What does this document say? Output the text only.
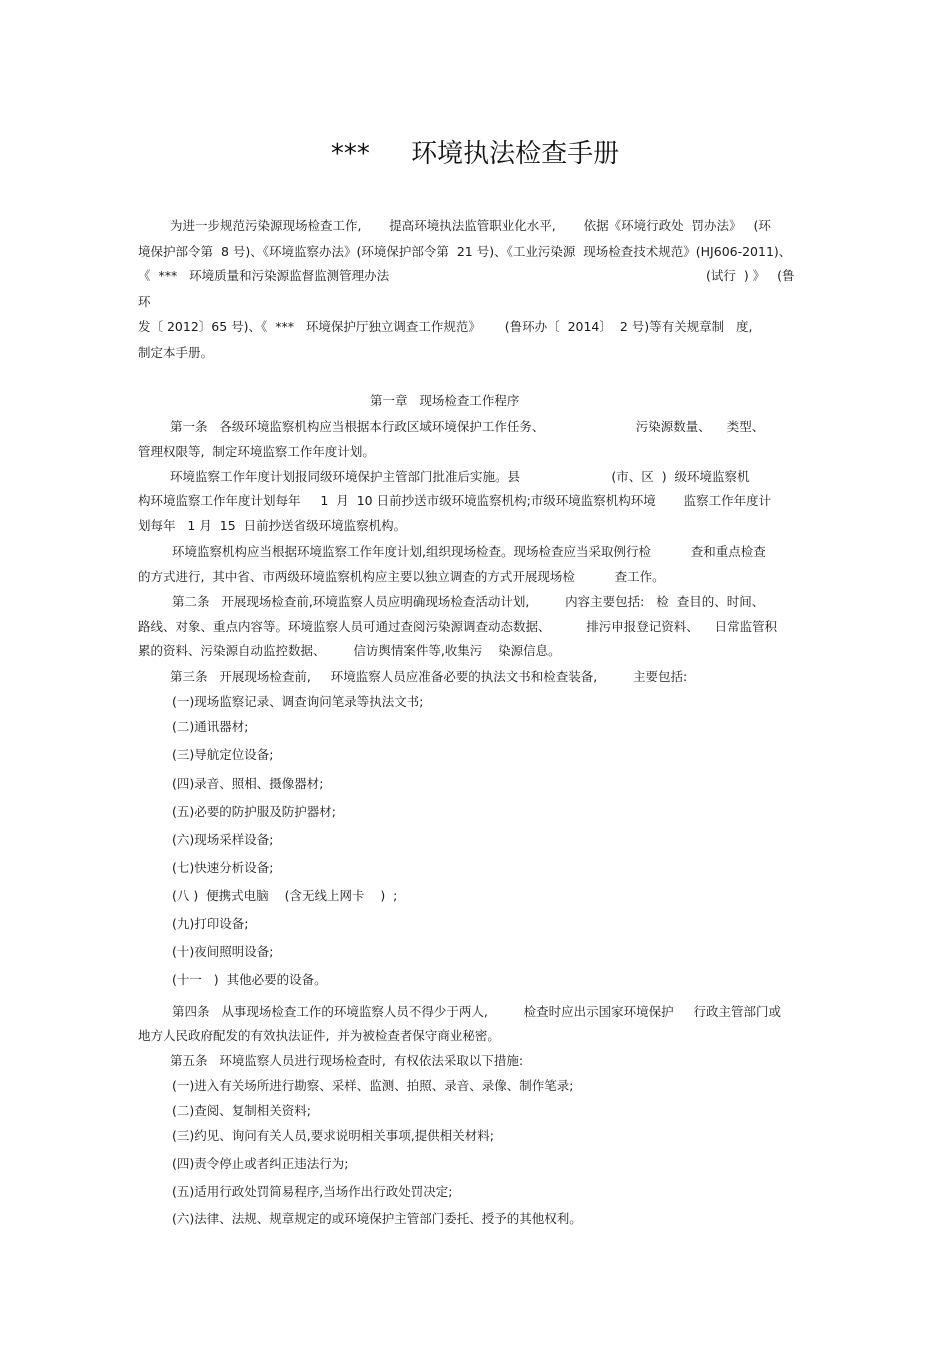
***     环境执法检查手册
为进一步规范污染源现场检查工作,       提高环境执法监管职业化水平,       依据《环境行政处  罚办法》   (环
境保护部令第  8 号)、《环境监察办法》(环境保护部令第  21 号)、《工业污染源  现场检查技术规范》(HJ606-2011)、
《  ***   环境质量和污染源监督监测管理办法	(试行  ) 》   (鲁
环
发〔 2012〕65 号)、《  ***   环境保护厅独立调查工作规范》      (鲁环办〔  2014〕  2 号)等有关规章制   度,
制定本手册。
第一章   现场检查工作程序
第一条   各级环境监察机构应当根据本行政区域环境保护工作任务、                       污染源数量、    类型、
管理权限等,  制定环境监察工作年度计划。
环境监察工作年度计划报同级环境保护主管部门批准后实施。县                       (市、区  )  级环境监察机
构环境监察工作年度计划每年     1  月  10 日前抄送市级环境监察机构;市级环境监察机构环境       监察工作年度计
划每年   1 月  15  日前抄送省级环境监察机构。
环境监察机构应当根据环境监察工作年度计划,组织现场检查。现场检查应当采取例行检          查和重点检查
的方式进行,  其中省、市两级环境监察机构应主要以独立调查的方式开展现场检          查工作。
第二条   开展现场检查前,环境监察人员应明确现场检查活动计划,         内容主要包括:   检  查目的、时间、
路线、对象、重点内容等。环境监察人员可通过查阅污染源调查动态数据、         排污申报登记资料、    日常监管积
累的资料、污染源自动监控数据、       信访舆情案件等,收集污    染源信息。
第三条   开展现场检查前,     环境监察人员应准备必要的执法文书和检查装备,         主要包括:
(一)现场监察记录、调查询问笔录等执法文书;
(二)通讯器材;
(三)导航定位设备;
(四)录音、照相、摄像器材;
(五)必要的防护服及防护器材;
(六)现场采样设备;
(七)快速分析设备;
(八 )  便携式电脑    (含无线上网卡    )  ;
(九)打印设备;
(十)夜间照明设备;
(十一   )  其他必要的设备。
第四条   从事现场检查工作的环境监察人员不得少于两人,         检查时应出示国家环境保护     行政主管部门或
地方人民政府配发的有效执法证件,  并为被检查者保守商业秘密。
第五条   环境监察人员进行现场检查时,  有权依法采取以下措施:
(一)进入有关场所进行勘察、采样、监测、拍照、录音、录像、制作笔录;
(二)查阅、复制相关资料;
(三)约见、询问有关人员,要求说明相关事项,提供相关材料;
(四)责令停止或者纠正违法行为;
(五)适用行政处罚简易程序,当场作出行政处罚决定;
(六)法律、法规、规章规定的或环境保护主管部门委托、授予的其他权利。
